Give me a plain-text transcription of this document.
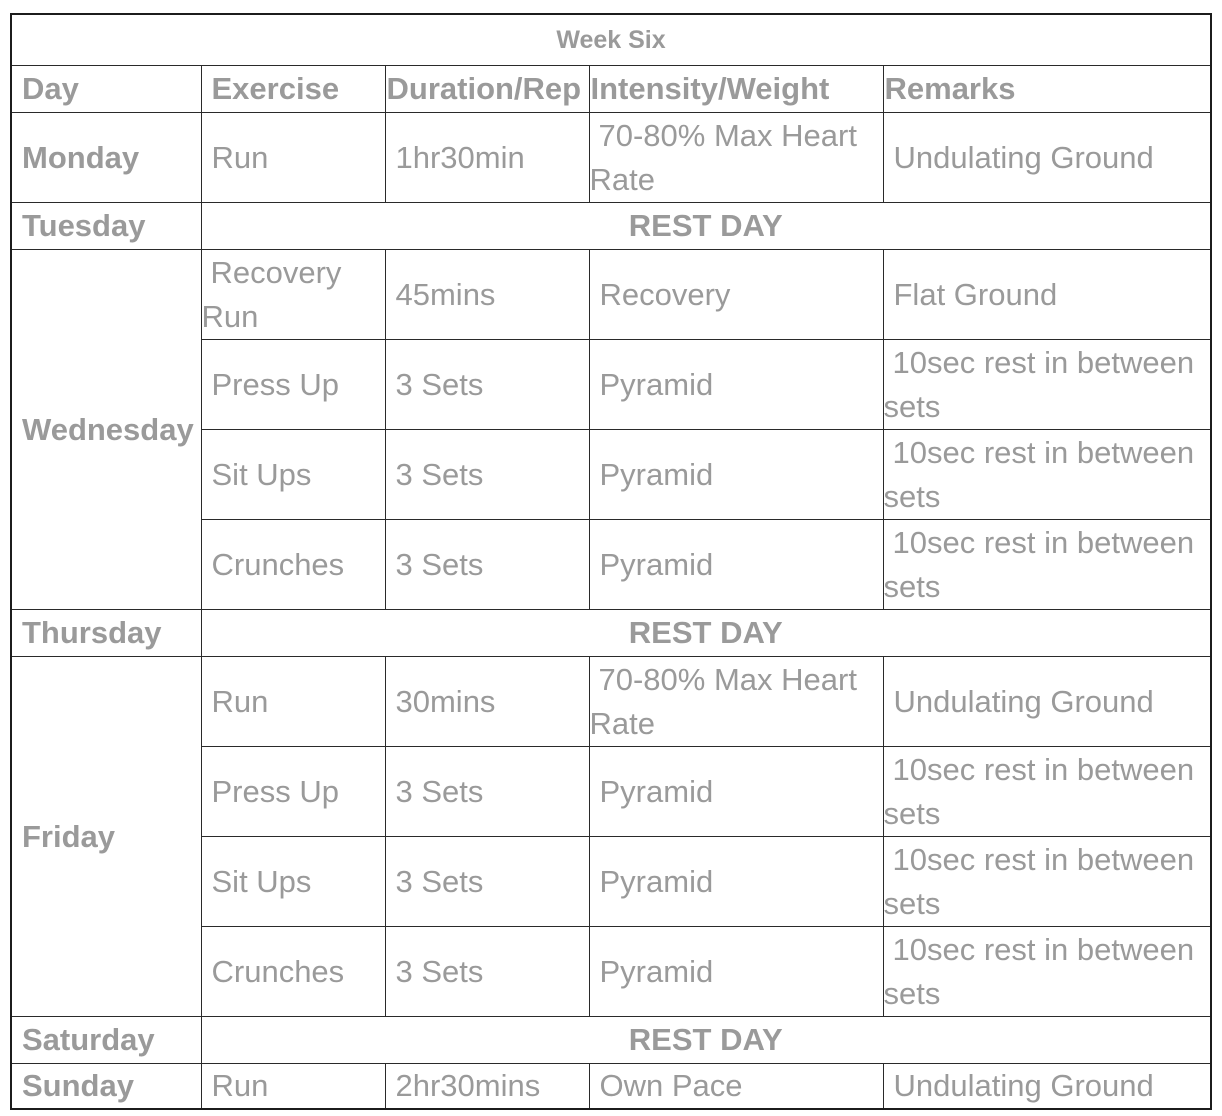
Week Six				
Day	Exercise	Duration/Rep	Intensity/Weight	Remarks
Monday	Run	1hr30min	70-80% Max Heart Rate	Undulating Ground
Tuesday	REST DAY			
Wednesday	Recovery Run	45mins	Recovery	Flat Ground
	Press Up	3 Sets	Pyramid	10sec rest in between sets
	Sit Ups	3 Sets	Pyramid	10sec rest in between sets
	Crunches	3 Sets	Pyramid	10sec rest in between sets
Thursday	REST DAY			
Friday	Run	30mins	70-80% Max Heart Rate	Undulating Ground
	Press Up	3 Sets	Pyramid	10sec rest in between sets
	Sit Ups	3 Sets	Pyramid	10sec rest in between sets
	Crunches	3 Sets	Pyramid	10sec rest in between sets
Saturday	REST DAY			
Sunday	Run	2hr30mins	Own Pace	Undulating Ground
